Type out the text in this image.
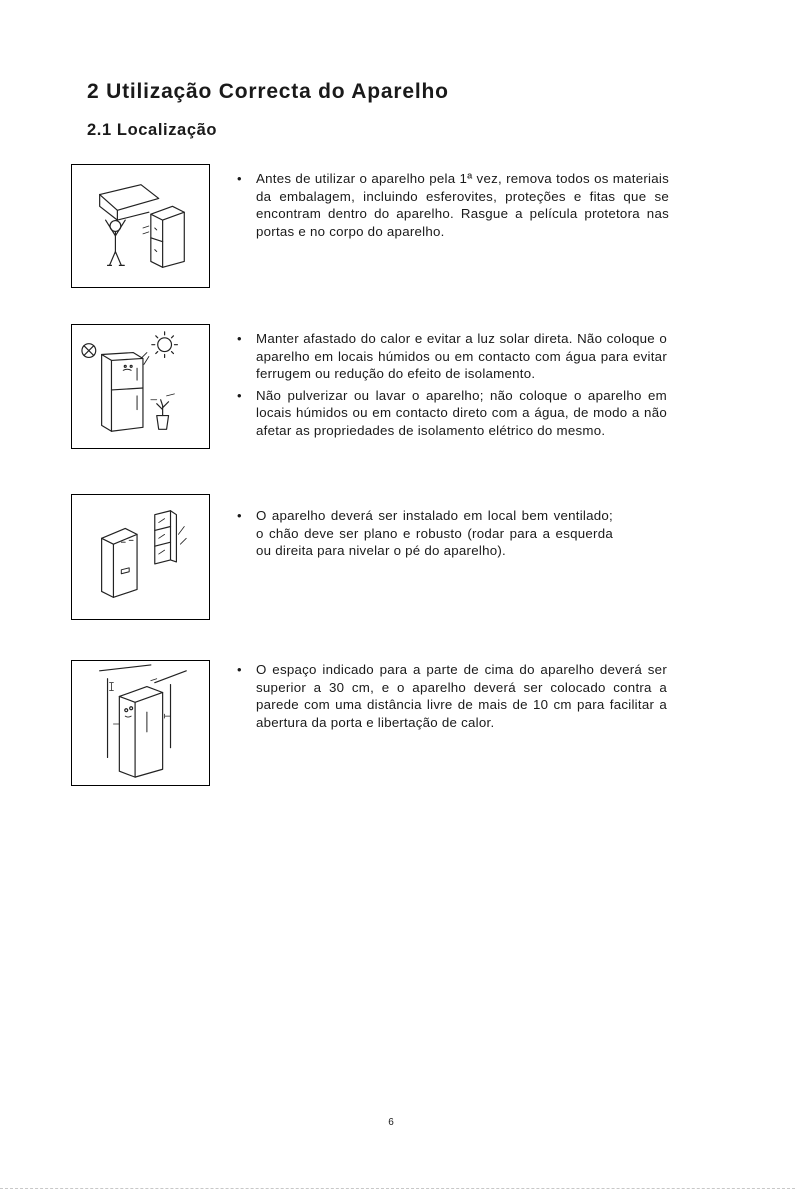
2 Utilização Correcta do Aparelho
2.1 Localização
• Antes de utilizar o aparelho pela 1ª vez, remova todos os materiais da embalagem, incluindo esferovites, proteções e fitas que se encontram dentro do aparelho. Rasgue a película protetora nas portas e no corpo do aparelho.
• Manter afastado do calor e evitar a luz solar direta. Não coloque o aparelho em locais húmidos ou em contacto com água para evitar ferrugem ou redução do efeito de isolamento.
• Não pulverizar ou lavar o aparelho; não coloque o aparelho em locais húmidos ou em contacto direto com a água, de modo a não afetar as propriedades de isolamento elétrico do mesmo.
• O aparelho deverá ser instalado em local bem ventilado; o chão deve ser plano e robusto (rodar para a esquerda ou direita para nivelar o pé do aparelho).
• O espaço indicado para a parte de cima do aparelho deverá ser superior a 30 cm, e o aparelho deverá ser colocado contra a parede com uma distância livre de mais de 10 cm para facilitar a abertura da porta e libertação de calor.
6
